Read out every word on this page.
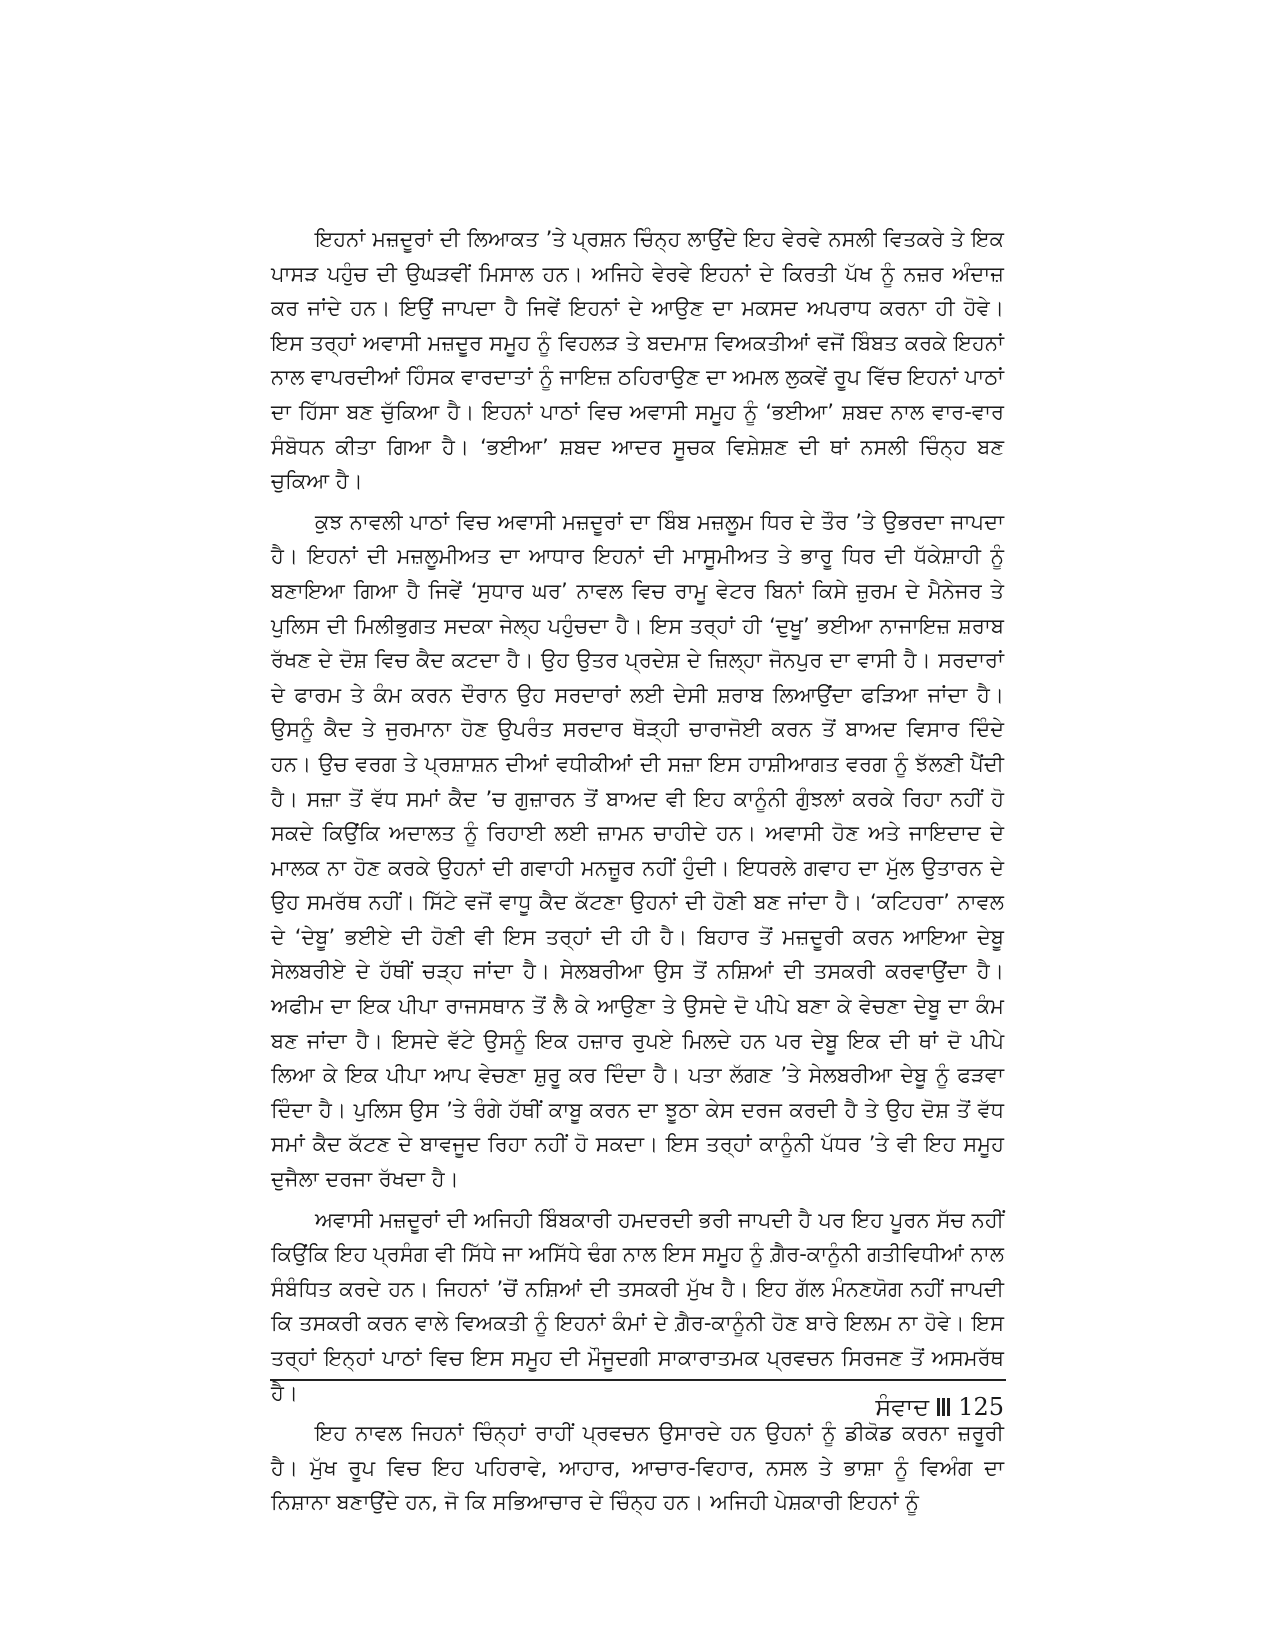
ਇਹਨਾਂ ਮਜ਼ਦੂਰਾਂ ਦੀ ਲਿਆਕਤ ’ਤੇ ਪ੍ਰਸ਼ਨ ਚਿੰਨ੍ਹ ਲਾਉਂਦੇ ਇਹ ਵੇਰਵੇ ਨਸਲੀ ਵਿਤਕਰੇ ਤੇ ਇਕ ਪਾਸੜ ਪਹੁੰਚ ਦੀ ਉਘੜਵੀਂ ਮਿਸਾਲ ਹਨ। ਅਜਿਹੇ ਵੇਰਵੇ ਇਹਨਾਂ ਦੇ ਕਿਰਤੀ ਪੱਖ ਨੂੰ ਨਜ਼ਰ ਅੰਦਾਜ਼ ਕਰ ਜਾਂਦੇ ਹਨ। ਇਉਂ ਜਾਪਦਾ ਹੈ ਜਿਵੇਂ ਇਹਨਾਂ ਦੇ ਆਉਣ ਦਾ ਮਕਸਦ ਅਪਰਾਧ ਕਰਨਾ ਹੀ ਹੋਵੇ। ਇਸ ਤਰ੍ਹਾਂ ਅਵਾਸੀ ਮਜ਼ਦੂਰ ਸਮੂਹ ਨੂੰ ਵਿਹਲੜ ਤੇ ਬਦਮਾਸ਼ ਵਿਅਕਤੀਆਂ ਵਜੋਂ ਬਿੰਬਤ ਕਰਕੇ ਇਹਨਾਂ ਨਾਲ ਵਾਪਰਦੀਆਂ ਹਿੰਸਕ ਵਾਰਦਾਤਾਂ ਨੂੰ ਜਾਇਜ਼ ਠਹਿਰਾਉਣ ਦਾ ਅਮਲ ਲੁਕਵੇਂ ਰੂਪ ਵਿੱਚ ਇਹਨਾਂ ਪਾਠਾਂ ਦਾ ਹਿੱਸਾ ਬਣ ਚੁੱਕਿਆ ਹੈ। ਇਹਨਾਂ ਪਾਠਾਂ ਵਿਚ ਅਵਾਸੀ ਸਮੂਹ ਨੂੰ ‘ਭਈਆ’ ਸ਼ਬਦ ਨਾਲ ਵਾਰ-ਵਾਰ ਸੰਬੋਧਨ ਕੀਤਾ ਗਿਆ ਹੈ। ‘ਭਈਆ’ ਸ਼ਬਦ ਆਦਰ ਸੂਚਕ ਵਿਸ਼ੇਸ਼ਣ ਦੀ ਥਾਂ ਨਸਲੀ ਚਿੰਨ੍ਹ ਬਣ ਚੁਕਿਆ ਹੈ।

ਕੁਝ ਨਾਵਲੀ ਪਾਠਾਂ ਵਿਚ ਅਵਾਸੀ ਮਜ਼ਦੂਰਾਂ ਦਾ ਬਿੰਬ ਮਜ਼ਲੂਮ ਧਿਰ ਦੇ ਤੌਰ ’ਤੇ ਉਭਰਦਾ ਜਾਪਦਾ ਹੈ। ਇਹਨਾਂ ਦੀ ਮਜ਼ਲੂਮੀਅਤ ਦਾ ਆਧਾਰ ਇਹਨਾਂ ਦੀ ਮਾਸੂਮੀਅਤ ਤੇ ਭਾਰੂ ਧਿਰ ਦੀ ਧੱਕੇਸ਼ਾਹੀ ਨੂੰ ਬਣਾਇਆ ਗਿਆ ਹੈ ਜਿਵੇਂ ‘ਸੁਧਾਰ ਘਰ’ ਨਾਵਲ ਵਿਚ ਰਾਮੂ ਵੇਟਰ ਬਿਨਾਂ ਕਿਸੇ ਜ਼ੁਰਮ ਦੇ ਮੈਨੇਜਰ ਤੇ ਪੁਲਿਸ ਦੀ ਮਿਲੀਭੁਗਤ ਸਦਕਾ ਜੇਲ੍ਹ ਪਹੁੰਚਦਾ ਹੈ। ਇਸ ਤਰ੍ਹਾਂ ਹੀ ‘ਦੁਖੂ’ ਭਈਆ ਨਾਜਾਇਜ਼ ਸ਼ਰਾਬ ਰੱਖਣ ਦੇ ਦੋਸ਼ ਵਿਚ ਕੈਦ ਕਟਦਾ ਹੈ। ਉਹ ਉਤਰ ਪ੍ਰਦੇਸ਼ ਦੇ ਜ਼ਿਲ੍ਹਾ ਜੋਨਪੁਰ ਦਾ ਵਾਸੀ ਹੈ। ਸਰਦਾਰਾਂ ਦੇ ਫਾਰਮ ਤੇ ਕੰਮ ਕਰਨ ਦੌਰਾਨ ਉਹ ਸਰਦਾਰਾਂ ਲਈ ਦੇਸੀ ਸ਼ਰਾਬ ਲਿਆਉਂਦਾ ਫੜਿਆ ਜਾਂਦਾ ਹੈ। ਉਸਨੂੰ ਕੈਦ ਤੇ ਜੁਰਮਾਨਾ ਹੋਣ ਉਪਰੰਤ ਸਰਦਾਰ ਥੋੜ੍ਹੀ ਚਾਰਾਜੋਈ ਕਰਨ ਤੋਂ ਬਾਅਦ ਵਿਸਾਰ ਦਿੰਦੇ ਹਨ। ਉਚ ਵਰਗ ਤੇ ਪ੍ਰਸ਼ਾਸ਼ਨ ਦੀਆਂ ਵਧੀਕੀਆਂ ਦੀ ਸਜ਼ਾ ਇਸ ਹਾਸ਼ੀਆਗਤ ਵਰਗ ਨੂੰ ਝੱਲਣੀ ਪੈਂਦੀ ਹੈ। ਸਜ਼ਾ ਤੋਂ ਵੱਧ ਸਮਾਂ ਕੈਦ ’ਚ ਗੁਜ਼ਾਰਨ ਤੋਂ ਬਾਅਦ ਵੀ ਇਹ ਕਾਨੂੰਨੀ ਗੁੰਝਲਾਂ ਕਰਕੇ ਰਿਹਾ ਨਹੀਂ ਹੋ ਸਕਦੇ ਕਿਉਂਕਿ ਅਦਾਲਤ ਨੂੰ ਰਿਹਾਈ ਲਈ ਜ਼ਾਮਨ ਚਾਹੀਦੇ ਹਨ। ਅਵਾਸੀ ਹੋਣ ਅਤੇ ਜਾਇਦਾਦ ਦੇ ਮਾਲਕ ਨਾ ਹੋਣ ਕਰਕੇ ਉਹਨਾਂ ਦੀ ਗਵਾਹੀ ਮਨਜ਼ੂਰ ਨਹੀਂ ਹੁੰਦੀ। ਇਧਰਲੇ ਗਵਾਹ ਦਾ ਮੁੱਲ ਉਤਾਰਨ ਦੇ ਉਹ ਸਮਰੱਥ ਨਹੀਂ। ਸਿੱਟੇ ਵਜੋਂ ਵਾਧੂ ਕੈਦ ਕੱਟਣਾ ਉਹਨਾਂ ਦੀ ਹੋਣੀ ਬਣ ਜਾਂਦਾ ਹੈ। ‘ਕਟਿਹਰਾ’ ਨਾਵਲ ਦੇ ‘ਦੇਬੂ’ ਭਈਏ ਦੀ ਹੋਣੀ ਵੀ ਇਸ ਤਰ੍ਹਾਂ ਦੀ ਹੀ ਹੈ। ਬਿਹਾਰ ਤੋਂ ਮਜ਼ਦੂਰੀ ਕਰਨ ਆਇਆ ਦੇਬੂ ਸੇਲਬਰੀਏ ਦੇ ਹੱਥੀਂ ਚੜ੍ਹ ਜਾਂਦਾ ਹੈ। ਸੇਲਬਰੀਆ ਉਸ ਤੋਂ ਨਸ਼ਿਆਂ ਦੀ ਤਸਕਰੀ ਕਰਵਾਉਂਦਾ ਹੈ। ਅਫੀਮ ਦਾ ਇਕ ਪੀਪਾ ਰਾਜਸਥਾਨ ਤੋਂ ਲੈ ਕੇ ਆਉਣਾ ਤੇ ਉਸਦੇ ਦੋ ਪੀਪੇ ਬਣਾ ਕੇ ਵੇਚਣਾ ਦੇਬੂ ਦਾ ਕੰਮ ਬਣ ਜਾਂਦਾ ਹੈ। ਇਸਦੇ ਵੱਟੇ ਉਸਨੂੰ ਇਕ ਹਜ਼ਾਰ ਰੁਪਏ ਮਿਲਦੇ ਹਨ ਪਰ ਦੇਬੂ ਇਕ ਦੀ ਥਾਂ ਦੋ ਪੀਪੇ ਲਿਆ ਕੇ ਇਕ ਪੀਪਾ ਆਪ ਵੇਚਣਾ ਸ਼ੁਰੂ ਕਰ ਦਿੰਦਾ ਹੈ। ਪਤਾ ਲੱਗਣ ’ਤੇ ਸੇਲਬਰੀਆ ਦੇਬੂ ਨੂੰ ਫੜਵਾ ਦਿੰਦਾ ਹੈ। ਪੁਲਿਸ ਉਸ ’ਤੇ ਰੰਗੇ ਹੱਥੀਂ ਕਾਬੂ ਕਰਨ ਦਾ ਝੂਠਾ ਕੇਸ ਦਰਜ ਕਰਦੀ ਹੈ ਤੇ ਉਹ ਦੋਸ਼ ਤੋਂ ਵੱਧ ਸਮਾਂ ਕੈਦ ਕੱਟਣ ਦੇ ਬਾਵਜੂਦ ਰਿਹਾ ਨਹੀਂ ਹੋ ਸਕਦਾ। ਇਸ ਤਰ੍ਹਾਂ ਕਾਨੂੰਨੀ ਪੱਧਰ ’ਤੇ ਵੀ ਇਹ ਸਮੂਹ ਦੁਜੈਲਾ ਦਰਜਾ ਰੱਖਦਾ ਹੈ।

ਅਵਾਸੀ ਮਜ਼ਦੂਰਾਂ ਦੀ ਅਜਿਹੀ ਬਿੰਬਕਾਰੀ ਹਮਦਰਦੀ ਭਰੀ ਜਾਪਦੀ ਹੈ ਪਰ ਇਹ ਪੂਰਨ ਸੱਚ ਨਹੀਂ ਕਿਉਂਕਿ ਇਹ ਪ੍ਰਸੰਗ ਵੀ ਸਿੱਧੇ ਜਾ ਅਸਿੱਧੇ ਢੰਗ ਨਾਲ ਇਸ ਸਮੂਹ ਨੂੰ ਗ਼ੈਰ-ਕਾਨੂੰਨੀ ਗਤੀਵਿਧੀਆਂ ਨਾਲ ਸੰਬੰਧਿਤ ਕਰਦੇ ਹਨ। ਜਿਹਨਾਂ ’ਚੋਂ ਨਸ਼ਿਆਂ ਦੀ ਤਸਕਰੀ ਮੁੱਖ ਹੈ। ਇਹ ਗੱਲ ਮੰਨਣਯੋਗ ਨਹੀਂ ਜਾਪਦੀ ਕਿ ਤਸਕਰੀ ਕਰਨ ਵਾਲੇ ਵਿਅਕਤੀ ਨੂੰ ਇਹਨਾਂ ਕੰਮਾਂ ਦੇ ਗ਼ੈਰ-ਕਾਨੂੰਨੀ ਹੋਣ ਬਾਰੇ ਇਲਮ ਨਾ ਹੋਵੇ। ਇਸ ਤਰ੍ਹਾਂ ਇਨ੍ਹਾਂ ਪਾਠਾਂ ਵਿਚ ਇਸ ਸਮੂਹ ਦੀ ਮੌਜੂਦਗੀ ਸਾਕਾਰਾਤਮਕ ਪ੍ਰਵਚਨ ਸਿਰਜਣ ਤੋਂ ਅਸਮਰੱਥ ਹੈ।

ਇਹ ਨਾਵਲ ਜਿਹਨਾਂ ਚਿੰਨ੍ਹਾਂ ਰਾਹੀਂ ਪ੍ਰਵਚਨ ਉਸਾਰਦੇ ਹਨ ਉਹਨਾਂ ਨੂੰ ਡੀਕੋਡ ਕਰਨਾ ਜ਼ਰੂਰੀ ਹੈ। ਮੁੱਖ ਰੂਪ ਵਿਚ ਇਹ ਪਹਿਰਾਵੇ, ਆਹਾਰ, ਆਚਾਰ-ਵਿਹਾਰ, ਨਸਲ ਤੇ ਭਾਸ਼ਾ ਨੂੰ ਵਿਅੰਗ ਦਾ ਨਿਸ਼ਾਨਾ ਬਣਾਉਂਦੇ ਹਨ, ਜੋ ਕਿ ਸਭਿਆਚਾਰ ਦੇ ਚਿੰਨ੍ਹ ਹਨ। ਅਜਿਹੀ ਪੇਸ਼ਕਾਰੀ ਇਹਨਾਂ ਨੂੰ

ਸੰਵਾਦ 125
